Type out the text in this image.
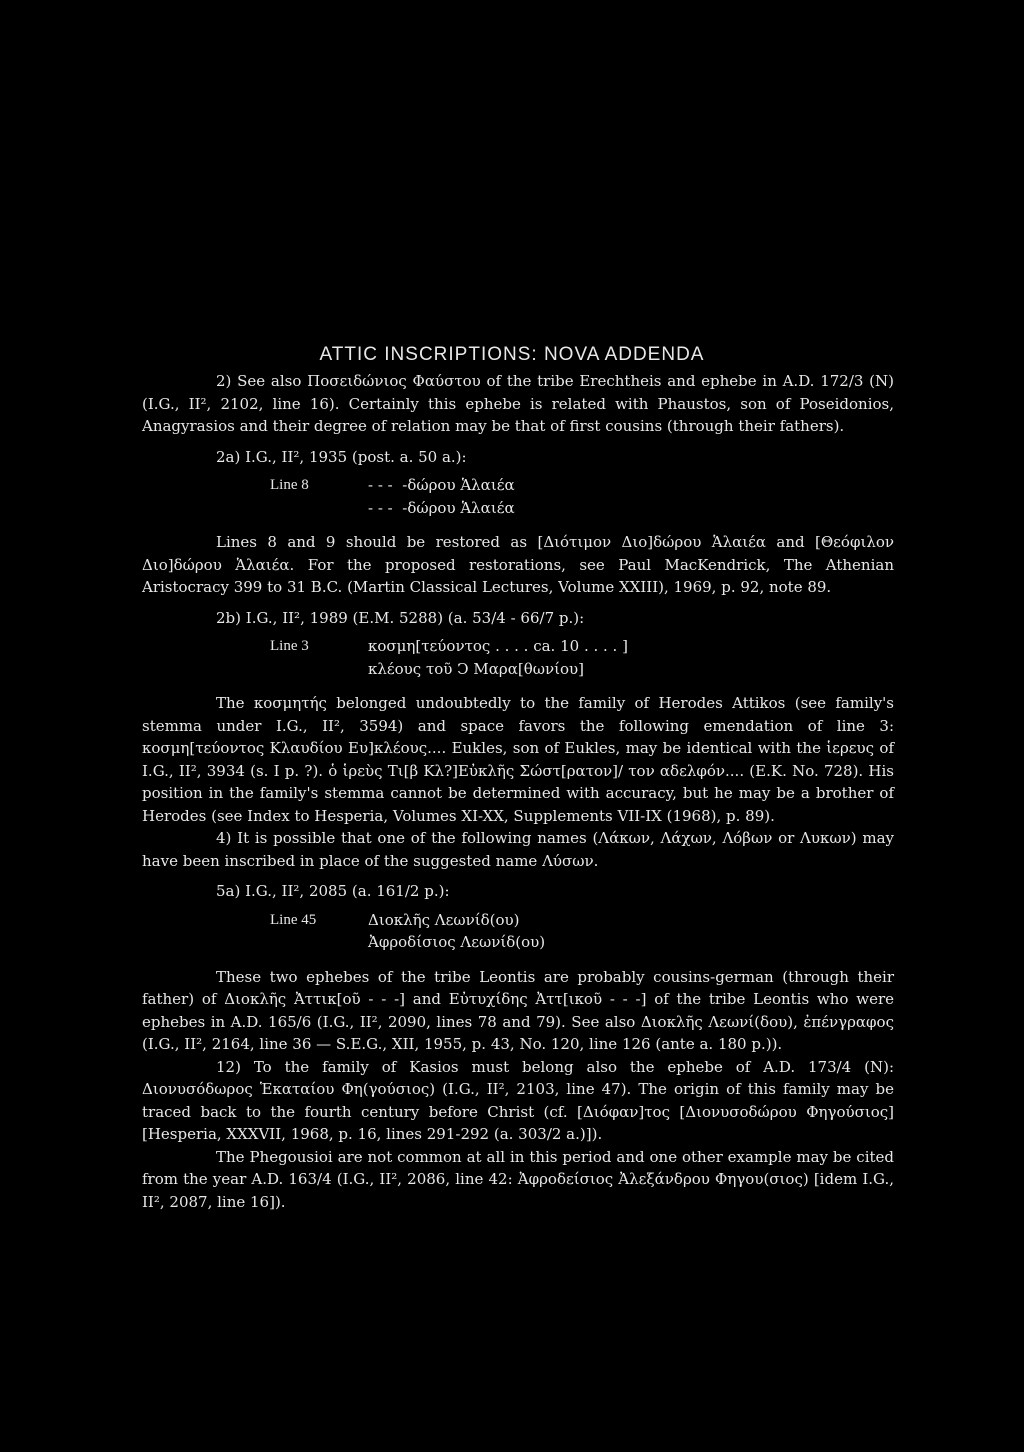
ATTIC INSCRIPTIONS: NOVA ADDENDA

2) See also Ποσειδώνιος Φαύστου of the tribe Erechtheis and ephebe in A.D. 172/3 (N) (I.G., II², 2102, line 16). Certainly this ephebe is related with Phaustos, son of Poseidonios, Anagyrasios and their degree of relation may be that of first cousins (through their fathers).

2a) I.G., II², 1935 (post. a. 50 a.):
Line 8	- - -  -δώρου Ἁλαιέα
- - -  -δώρου Ἁλαιέα

Lines 8 and 9 should be restored as [Διότιμον Διο]δώρου Ἁλαιέα and [Θεόφιλον Διο]δώρου Ἁλαιέα. For the proposed restorations, see Paul MacKendrick, The Athenian Aristocracy 399 to 31 B.C. (Martin Classical Lectures, Volume XXIII), 1969, p. 92, note 89.

2b) I.G., II², 1989 (E.M. 5288) (a. 53/4 - 66/7 p.):
Line 3	κοσμη[τεύοντος . . . . ca. 10 . . . . ]
κλέους τοῦ Ͻ Μαρα[θωνίου]

The κοσμητής belonged undoubtedly to the family of Herodes Attikos (see family's stemma under I.G., II², 3594) and space favors the following emendation of line 3: κοσμη[τεύοντος Κλαυδίου Ευ]κλέους.... Eukles, son of Eukles, may be identical with the ἱερευς of I.G., II², 3934 (s. I p. ?). ὁ ἱρεὺς Τι[β Κλ?]Εὐκλῆς Σώστ[ρατον]/ τον αδελφόν.... (E.K. No. 728). His position in the family's stemma cannot be determined with accuracy, but he may be a brother of Herodes (see Index to Hesperia, Volumes XI-XX, Supplements VII-IX (1968), p. 89).

4) It is possible that one of the following names (Λάκων, Λάχων, Λόβων or Λυκων) may have been inscribed in place of the suggested name Λύσων.

5a) I.G., II², 2085 (a. 161/2 p.):
Line 45	Διοκλῆς Λεωνίδ(ου)
Ἀφροδίσιος Λεωνίδ(ου)

These two ephebes of the tribe Leontis are probably cousins-german (through their father) of Διοκλῆς Ἀττικ[οῦ - - -] and Εὐτυχίδης Ἀττ[ικοῦ - - -] of the tribe Leontis who were ephebes in A.D. 165/6 (I.G., II², 2090, lines 78 and 79). See also Διοκλῆς Λεωνί(δου), ἐπένγραφος (I.G., II², 2164, line 36 — S.E.G., XII, 1955, p. 43, No. 120, line 126 (ante a. 180 p.)).

12) To the family of Kasios must belong also the ephebe of A.D. 173/4 (N): Διονυσόδωρος Ἑκαταίου Φη(γούσιος) (I.G., II², 2103, line 47). The origin of this family may be traced back to the fourth century before Christ (cf. [Διόφαν]τος [Διονυσοδώρου Φηγούσιος] [Hesperia, XXXVII, 1968, p. 16, lines 291-292 (a. 303/2 a.)]).

The Phegousioi are not common at all in this period and one other example may be cited from the year A.D. 163/4 (I.G., II², 2086, line 42: Ἀφροδείσιος Ἀλεξάνδρου Φηγου(σιος) [idem I.G., II², 2087, line 16]).
